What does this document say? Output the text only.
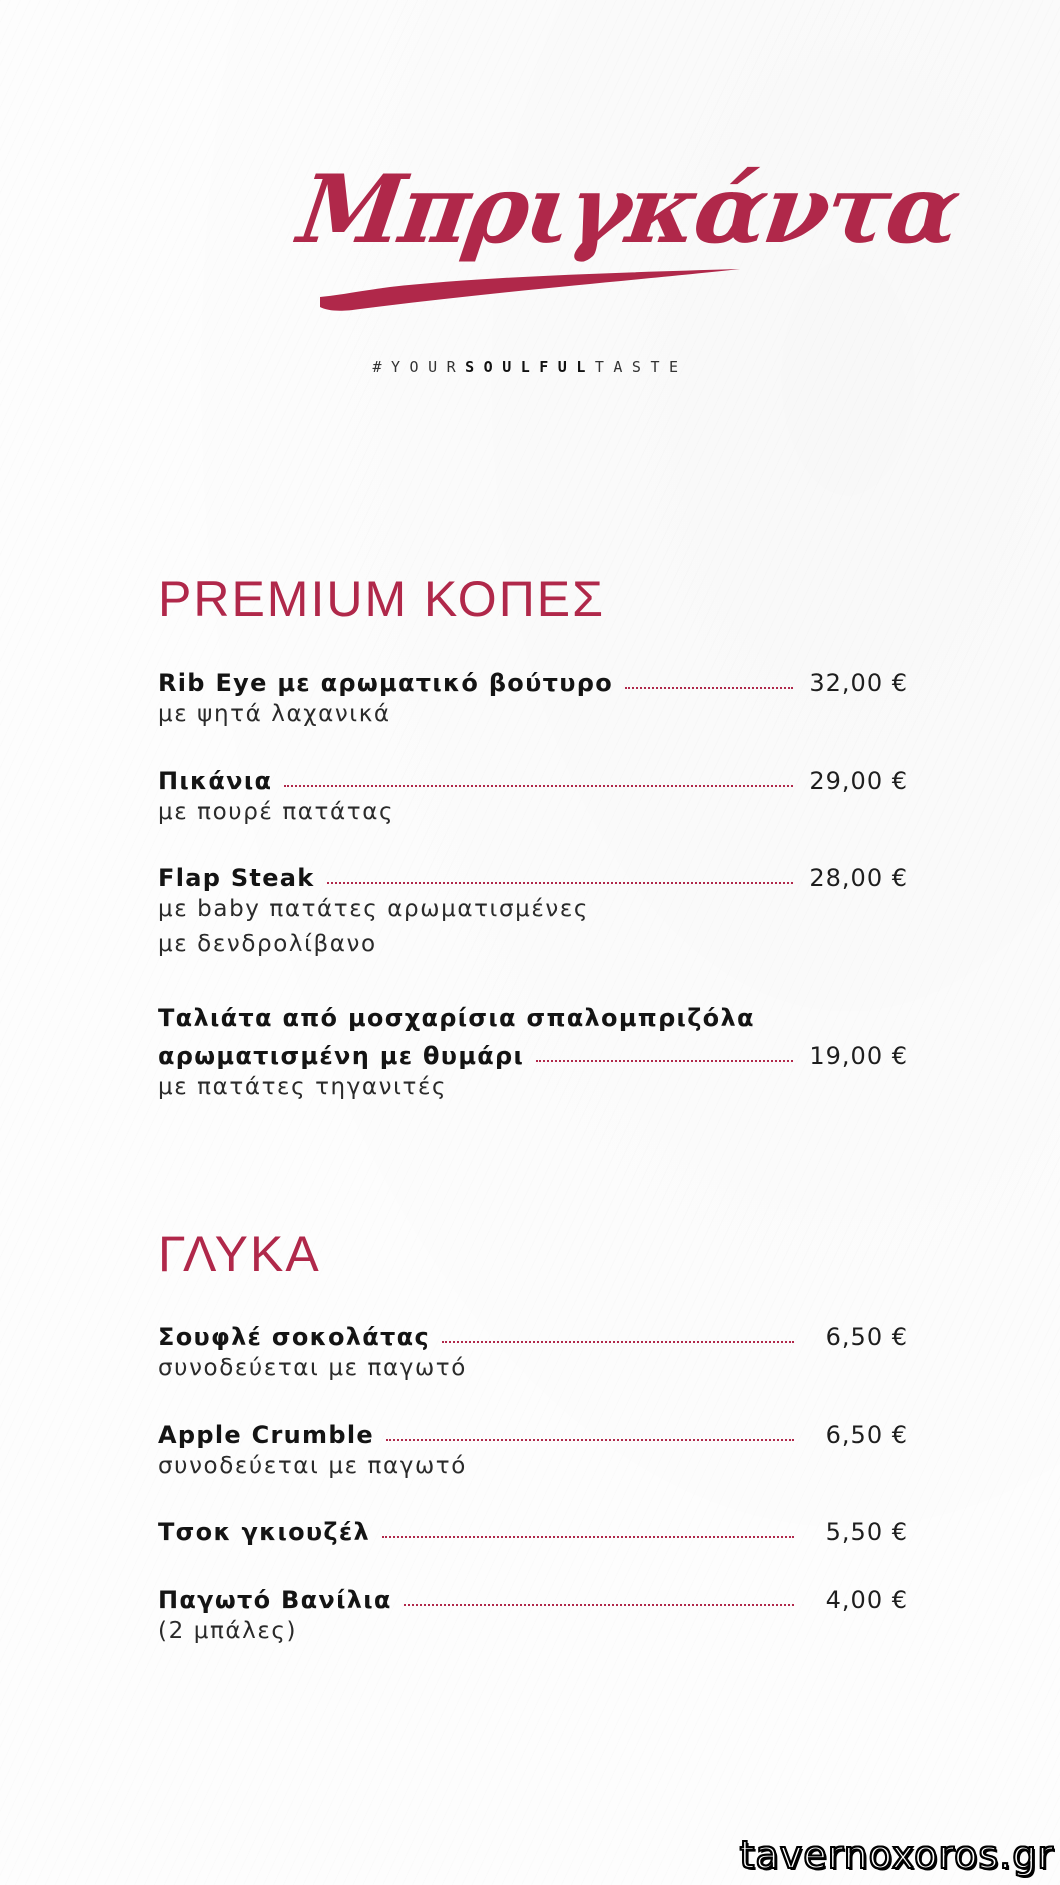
Μπριγκάντα
#YOURSOULFULTASTE
PREMIUM ΚΟΠΕΣ
Rib Eye με αρωματικό βούτυρο	32,00 €
με ψητά λαχανικά
Πικάνια	29,00 €
με πουρέ πατάτας
Flap Steak	28,00 €
με baby πατάτες αρωματισμένες
με δενδρολίβανο
Ταλιάτα από μοσχαρίσια σπαλομπριζόλα
αρωματισμένη με θυμάρι	19,00 €
με πατάτες τηγανιτές
ΓΛΥΚΑ
Σουφλέ σοκολάτας	6,50 €
συνοδεύεται με παγωτό
Apple Crumble	6,50 €
συνοδεύεται με παγωτό
Τσοκ γκιουζέλ	5,50 €
Παγωτό Βανίλια	4,00 €
(2 μπάλες)
tavernoxoros.gr
